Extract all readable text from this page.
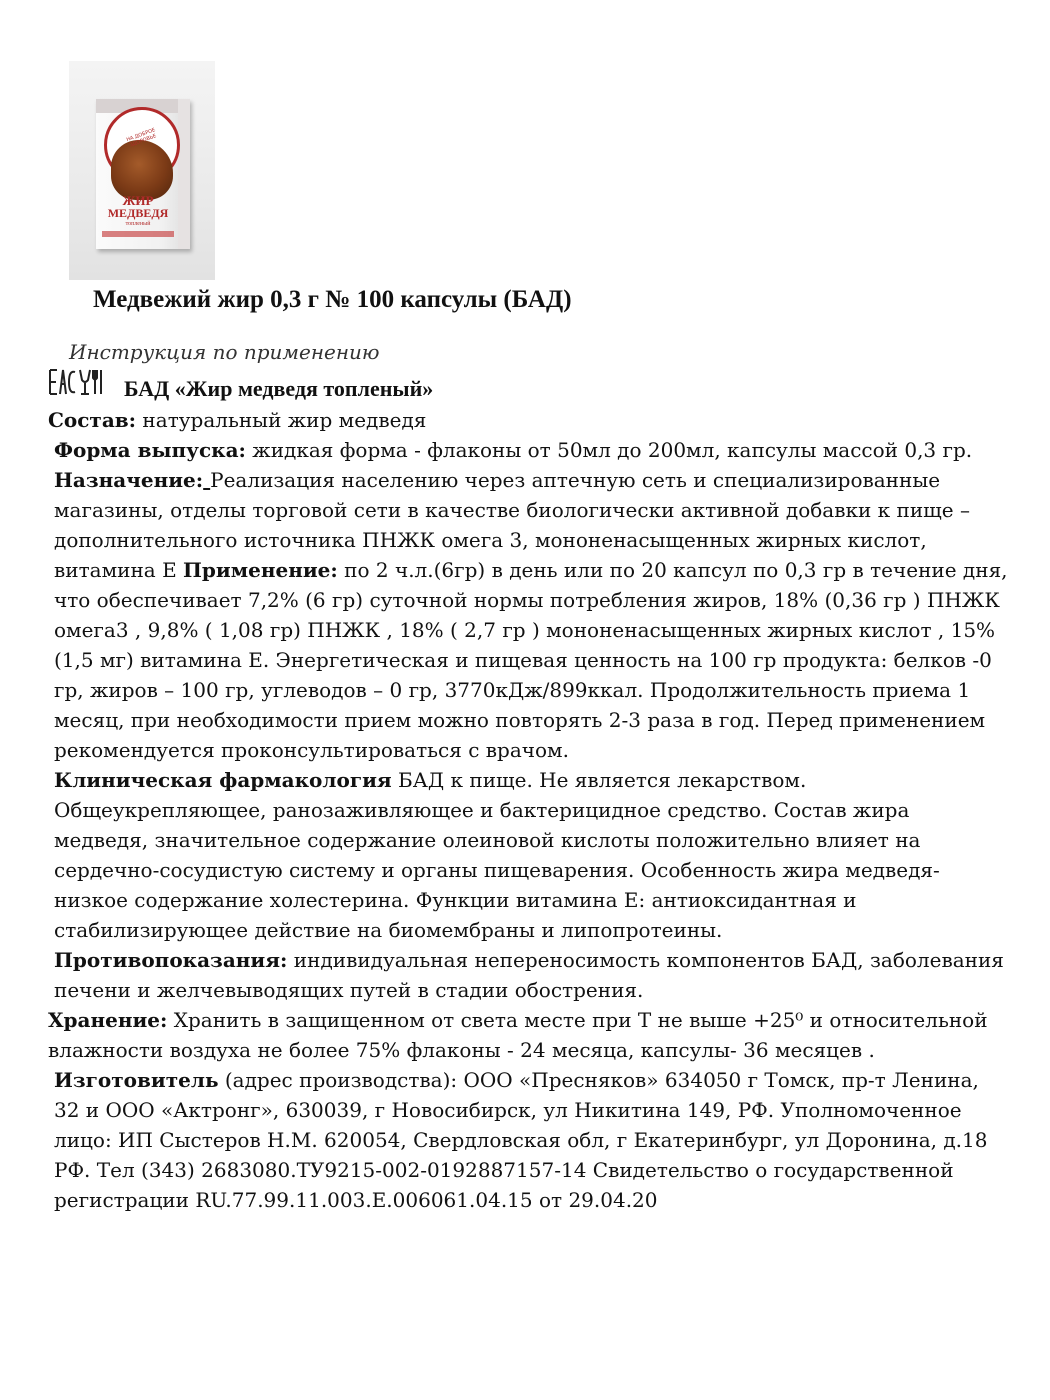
НА ДОБРОЕ ЗДОРОВЬЕ
ЖИР
МЕДВЕДЯ
топленый
Медвежий жир 0,3 г № 100 капсулы (БАД)
Инструкция по применению
БАД «Жир медведя топленый»

Состав: натуральный жир медведя

Форма выпуска: жидкая форма - флаконы от 50мл до 200мл, капсулы массой 0,3 гр.

Назначение: Реализация населению через аптечную сеть и специализированные магазины, отделы торговой сети в качестве биологически активной добавки к пище – дополнительного источника ПНЖК омега 3, мононенасыщенных жирных кислот, витамина Е Применение: по 2 ч.л.(6гр) в день или по 20 капсул по 0,3 гр в течение дня, что обеспечивает 7,2% (6 гр) суточной нормы потребления жиров, 18% (0,36 гр ) ПНЖК омега3 , 9,8% ( 1,08 гр) ПНЖК , 18% ( 2,7 гр ) мононенасыщенных жирных кислот , 15% (1,5 мг) витамина Е. Энергетическая и пищевая ценность на 100 гр продукта: белков -0 гр, жиров – 100 гр, углеводов – 0 гр, 3770кДж/899ккал. Продолжительность приема 1 месяц, при необходимости прием можно повторять 2-3 раза в год. Перед применением рекомендуется проконсультироваться с врачом.

Клиническая фармакология БАД к пище. Не является лекарством. Общеукрепляющее, ранозаживляющее и бактерицидное средство. Состав жира медведя, значительное содержание олеиновой кислоты положительно влияет на сердечно-сосудистую систему и органы пищеварения. Особенность жира медведя- низкое содержание холестерина. Функции витамина Е: антиоксидантная и стабилизирующее действие на биомембраны и липопротеины.

Противопоказания: индивидуальная непереносимость компонентов БАД, заболевания печени и желчевыводящих путей в стадии обострения.

Хранение: Хранить в защищенном от света месте при Т не выше +25⁰ и относительной влажности воздуха не более 75% флаконы - 24 месяца, капсулы- 36 месяцев .

Изготовитель (адрес производства): ООО «Пресняков» 634050 г Томск, пр-т Ленина, 32 и ООО «Актронг», 630039, г Новосибирск, ул Никитина 149, РФ. Уполномоченное лицо: ИП Сыстеров Н.М. 620054, Свердловская обл, г Екатеринбург, ул Доронина, д.18 РФ. Тел (343) 2683080.ТУ9215-002-0192887157-14 Свидетельство о государственной регистрации RU.77.99.11.003.Е.006061.04.15 от 29.04.20
